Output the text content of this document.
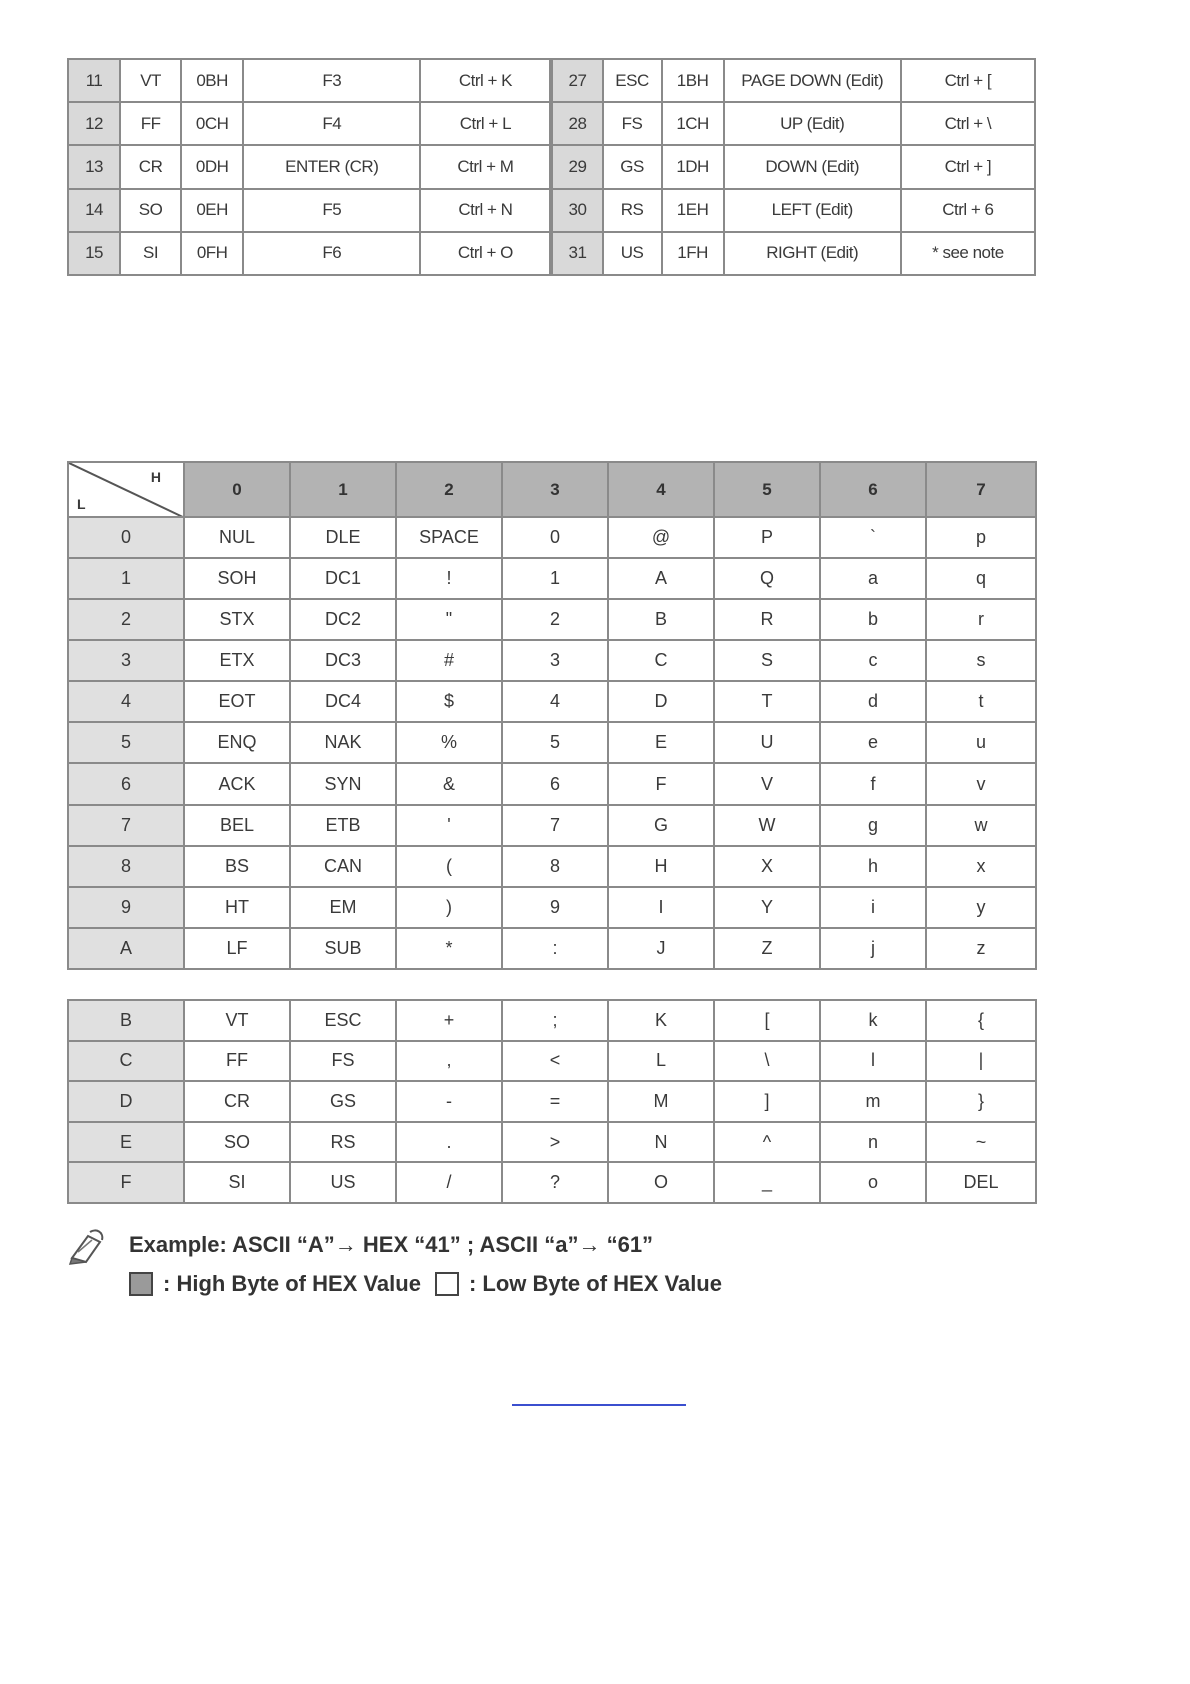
11	VT	0BH	F3	Ctrl + K	27	ESC	1BH	PAGE DOWN (Edit)	Ctrl + [
12	FF	0CH	F4	Ctrl + L	28	FS	1CH	UP (Edit)	Ctrl + \
13	CR	0DH	ENTER (CR)	Ctrl + M	29	GS	1DH	DOWN (Edit)	Ctrl + ]
14	SO	0EH	F5	Ctrl + N	30	RS	1EH	LEFT (Edit)	Ctrl + 6
15	SI	0FH	F6	Ctrl + O	31	US	1FH	RIGHT (Edit)	* see note
H
L	0	1	2	3	4	5	6	7
0	NUL	DLE	SPACE	0	@	P	`	p
1	SOH	DC1	!	1	A	Q	a	q
2	STX	DC2	"	2	B	R	b	r
3	ETX	DC3	#	3	C	S	c	s
4	EOT	DC4	$	4	D	T	d	t
5	ENQ	NAK	%	5	E	U	e	u
6	ACK	SYN	&	6	F	V	f	v
7	BEL	ETB	'	7	G	W	g	w
8	BS	CAN	(	8	H	X	h	x
9	HT	EM	)	9	I	Y	i	y
A	LF	SUB	*	:	J	Z	j	z
B	VT	ESC	+	;	K	[	k	{
C	FF	FS	,	<	L	\	l	|
D	CR	GS	-	=	M	]	m	}
E	SO	RS	.	>	N	^	n	~
F	SI	US	/	?	O	_	o	DEL
Example: ASCII “A”→ HEX “41” ; ASCII “a”→ “61”
: High Byte of HEX Value : Low Byte of HEX Value
